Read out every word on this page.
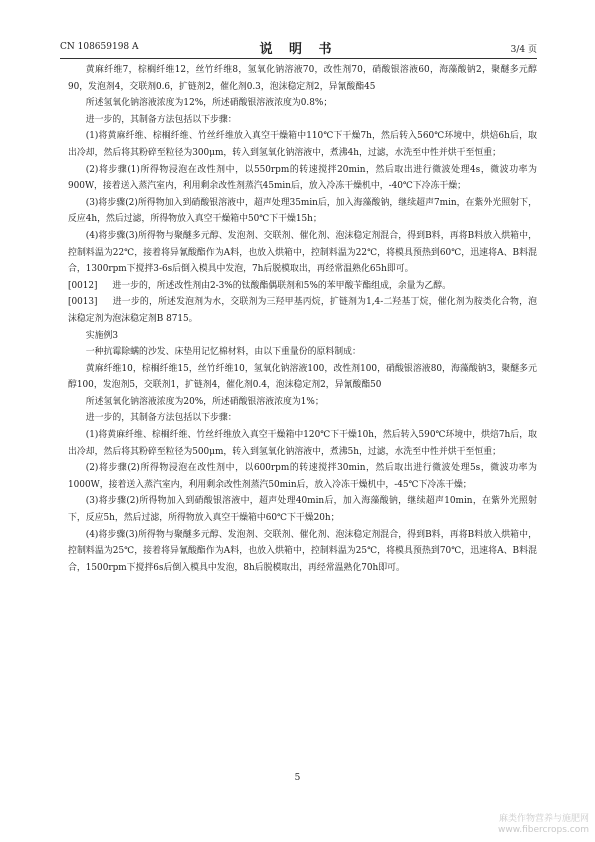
CN 108659198 A	说 明 书	3/4 页

黄麻纤维7，棕榈纤维12，丝竹纤维8，氢氧化钠溶液70，改性剂70，硝酸银溶液60，海藻酸钠2，聚醚多元醇90，发泡剂4，交联剂0.6，扩链剂2，催化剂0.3，泡沫稳定剂2，异氰酸酯45

所述氢氧化钠溶液浓度为12%，所述硝酸银溶液浓度为0.8%；

进一步的，其制备方法包括以下步骤：

(1)将黄麻纤维、棕榈纤维、竹丝纤维放入真空干燥箱中110℃下干燥7h，然后转入560℃环境中，烘焙6h后，取出冷却，然后将其粉碎至粒径为300μm，转入到氢氧化钠溶液中，煮沸4h，过滤，水洗至中性并烘干至恒重；

(2)将步骤(1)所得物浸泡在改性剂中，以550rpm的转速搅拌20min，然后取出进行微波处理4s，微波功率为900W，接着送入蒸汽室内，利用剩余改性剂蒸汽45min后，放入冷冻干燥机中，-40℃下冷冻干燥；

(3)将步骤(2)所得物加入到硝酸银溶液中，超声处理35min后，加入海藻酸钠，继续超声7min，在紫外光照射下，反应4h，然后过滤，所得物放入真空干燥箱中50℃下干燥15h；

(4)将步骤(3)所得物与聚醚多元醇、发泡剂、交联剂、催化剂、泡沫稳定剂混合，得到B料，再将B料放入烘箱中，控制料温为22℃，接着将异氰酸酯作为A料，也放入烘箱中，控制料温为22℃，将模具预热到60℃，迅速将A、B料混合，1300rpm下搅拌3-6s后倒入模具中发泡，7h后脱模取出，再经常温熟化65h即可。

[0012]　 进一步的，所述改性剂由2-3%的钛酸酯偶联剂和5%的苯甲酸苄酯组成，余量为乙醇。

[0013]　 进一步的，所述发泡剂为水，交联剂为三羟甲基丙烷，扩链剂为1,4-二羟基丁烷，催化剂为胺类化合物，泡沫稳定剂为泡沫稳定剂B 8715。

实施例3

一种抗霉除螨的沙发、床垫用记忆棉材料，由以下重量份的原料制成：

黄麻纤维10，棕榈纤维15，丝竹纤维10，氢氧化钠溶液100，改性剂100，硝酸银溶液80，海藻酸钠3，聚醚多元醇100，发泡剂5，交联剂1，扩链剂4，催化剂0.4，泡沫稳定剂2，异氰酸酯50

所述氢氧化钠溶液浓度为20%，所述硝酸银溶液浓度为1%；

进一步的，其制备方法包括以下步骤：

(1)将黄麻纤维、棕榈纤维、竹丝纤维放入真空干燥箱中120℃下干燥10h，然后转入590℃环境中，烘焙7h后，取出冷却，然后将其粉碎至粒径为500μm，转入到氢氧化钠溶液中，煮沸5h，过滤，水洗至中性并烘干至恒重；

(2)将步骤(2)所得物浸泡在改性剂中，以600rpm的转速搅拌30min，然后取出进行微波处理5s，微波功率为1000W，接着送入蒸汽室内，利用剩余改性剂蒸汽50min后，放入冷冻干燥机中，-45℃下冷冻干燥；

(3)将步骤(2)所得物加入到硝酸银溶液中，超声处理40min后，加入海藻酸钠，继续超声10min，在紫外光照射下，反应5h，然后过滤，所得物放入真空干燥箱中60℃下干燥20h；

(4)将步骤(3)所得物与聚醚多元醇、发泡剂、交联剂、催化剂、泡沫稳定剂混合，得到B料，再将B料放入烘箱中，控制料温为25℃，接着将异氰酸酯作为A料，也放入烘箱中，控制料温为25℃，将模具预热到70℃，迅速将A、B料混合，1500rpm下搅拌6s后倒入模具中发泡，8h后脱模取出，再经常温熟化70h即可。

5
麻类作物营养与施肥网
www.fibercrops.com
